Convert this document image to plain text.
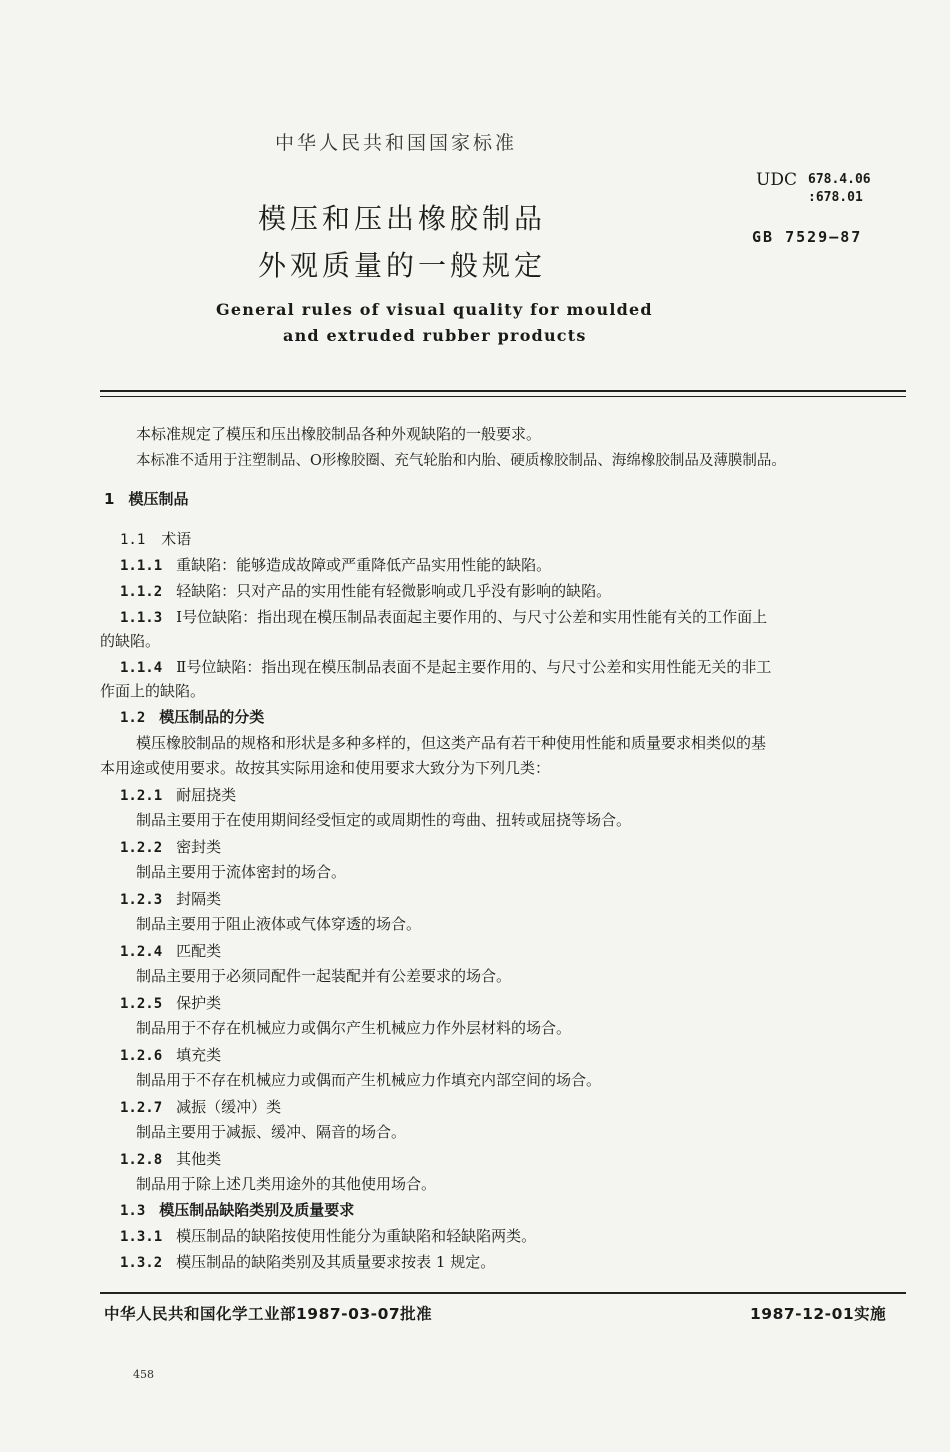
中华人民共和国国家标准
UDC 678.4.06
:678.01
GB 7529—87
模压和压出橡胶制品
外观质量的一般规定
General rules of visual quality for moulded
and extruded rubber products
本标准规定了模压和压出橡胶制品各种外观缺陷的一般要求。
本标准不适用于注塑制品、O形橡胶圈、充气轮胎和内胎、硬质橡胶制品、海绵橡胶制品及薄膜制品。
1 模压制品
1.1 术语
1.1.1 重缺陷：能够造成故障或严重降低产品实用性能的缺陷。
1.1.2 轻缺陷：只对产品的实用性能有轻微影响或几乎没有影响的缺陷。
1.1.3 Ⅰ号位缺陷：指出现在模压制品表面起主要作用的、与尺寸公差和实用性能有关的工作面上
的缺陷。
1.1.4 Ⅱ号位缺陷：指出现在模压制品表面不是起主要作用的、与尺寸公差和实用性能无关的非工
作面上的缺陷。
1.2 模压制品的分类
模压橡胶制品的规格和形状是多种多样的，但这类产品有若干种使用性能和质量要求相类似的基
本用途或使用要求。故按其实际用途和使用要求大致分为下列几类：
1.2.1 耐屈挠类
制品主要用于在使用期间经受恒定的或周期性的弯曲、扭转或屈挠等场合。
1.2.2 密封类
制品主要用于流体密封的场合。
1.2.3 封隔类
制品主要用于阻止液体或气体穿透的场合。
1.2.4 匹配类
制品主要用于必须同配件一起装配并有公差要求的场合。
1.2.5 保护类
制品用于不存在机械应力或偶尔产生机械应力作外层材料的场合。
1.2.6 填充类
制品用于不存在机械应力或偶而产生机械应力作填充内部空间的场合。
1.2.7 减振（缓冲）类
制品主要用于减振、缓冲、隔音的场合。
1.2.8 其他类
制品用于除上述几类用途外的其他使用场合。
1.3 模压制品缺陷类别及质量要求
1.3.1 模压制品的缺陷按使用性能分为重缺陷和轻缺陷两类。
1.3.2 模压制品的缺陷类别及其质量要求按表 1 规定。
中华人民共和国化学工业部1987-03-07批准	1987-12-01实施
458
